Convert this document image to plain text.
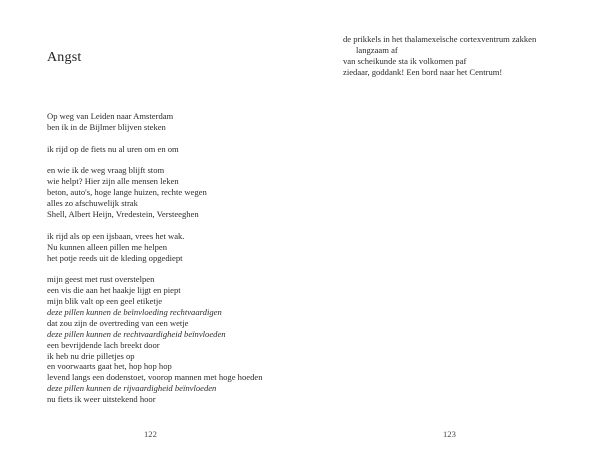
Angst
Op weg van Leiden naar Amsterdam
ben ik in de Bijlmer blijven steken
ik rijd op de fiets nu al uren om en om
en wie ik de weg vraag blijft stom
wie helpt? Hier zijn alle mensen leken
beton, auto's, hoge lange huizen, rechte wegen
alles zo afschuwelijk strak
Shell, Albert Heijn, Vredestein, Versteeghen
ik rijd als op een ijsbaan, vrees het wak.
Nu kunnen alleen pillen me helpen
het potje reeds uit de kleding opgediept
mijn geest met rust overstelpen
een vis die aan het haakje lijgt en piept
mijn blik valt op een geel etiketje
deze pillen kunnen de beïnvloeding rechtvaardigen
dat zou zijn de overtreding van een wetje
deze pillen kunnen de rechtvaardigheid beïnvloeden
een bevrijdende lach breekt door
ik heb nu drie pilletjes op
en voorwaarts gaat het, hop hop hop
levend langs een dodenstoet, voorop mannen met hoge hoeden
deze pillen kunnen de rijvaardigheid beïnvloeden
nu fiets ik weer uitstekend hoor
122
de prikkels in het thalamexeïsche cortexventrum zakken
langzaam af
van scheikunde sta ik volkomen paf
ziedaar, goddank! Een bord naar het Centrum!
123
